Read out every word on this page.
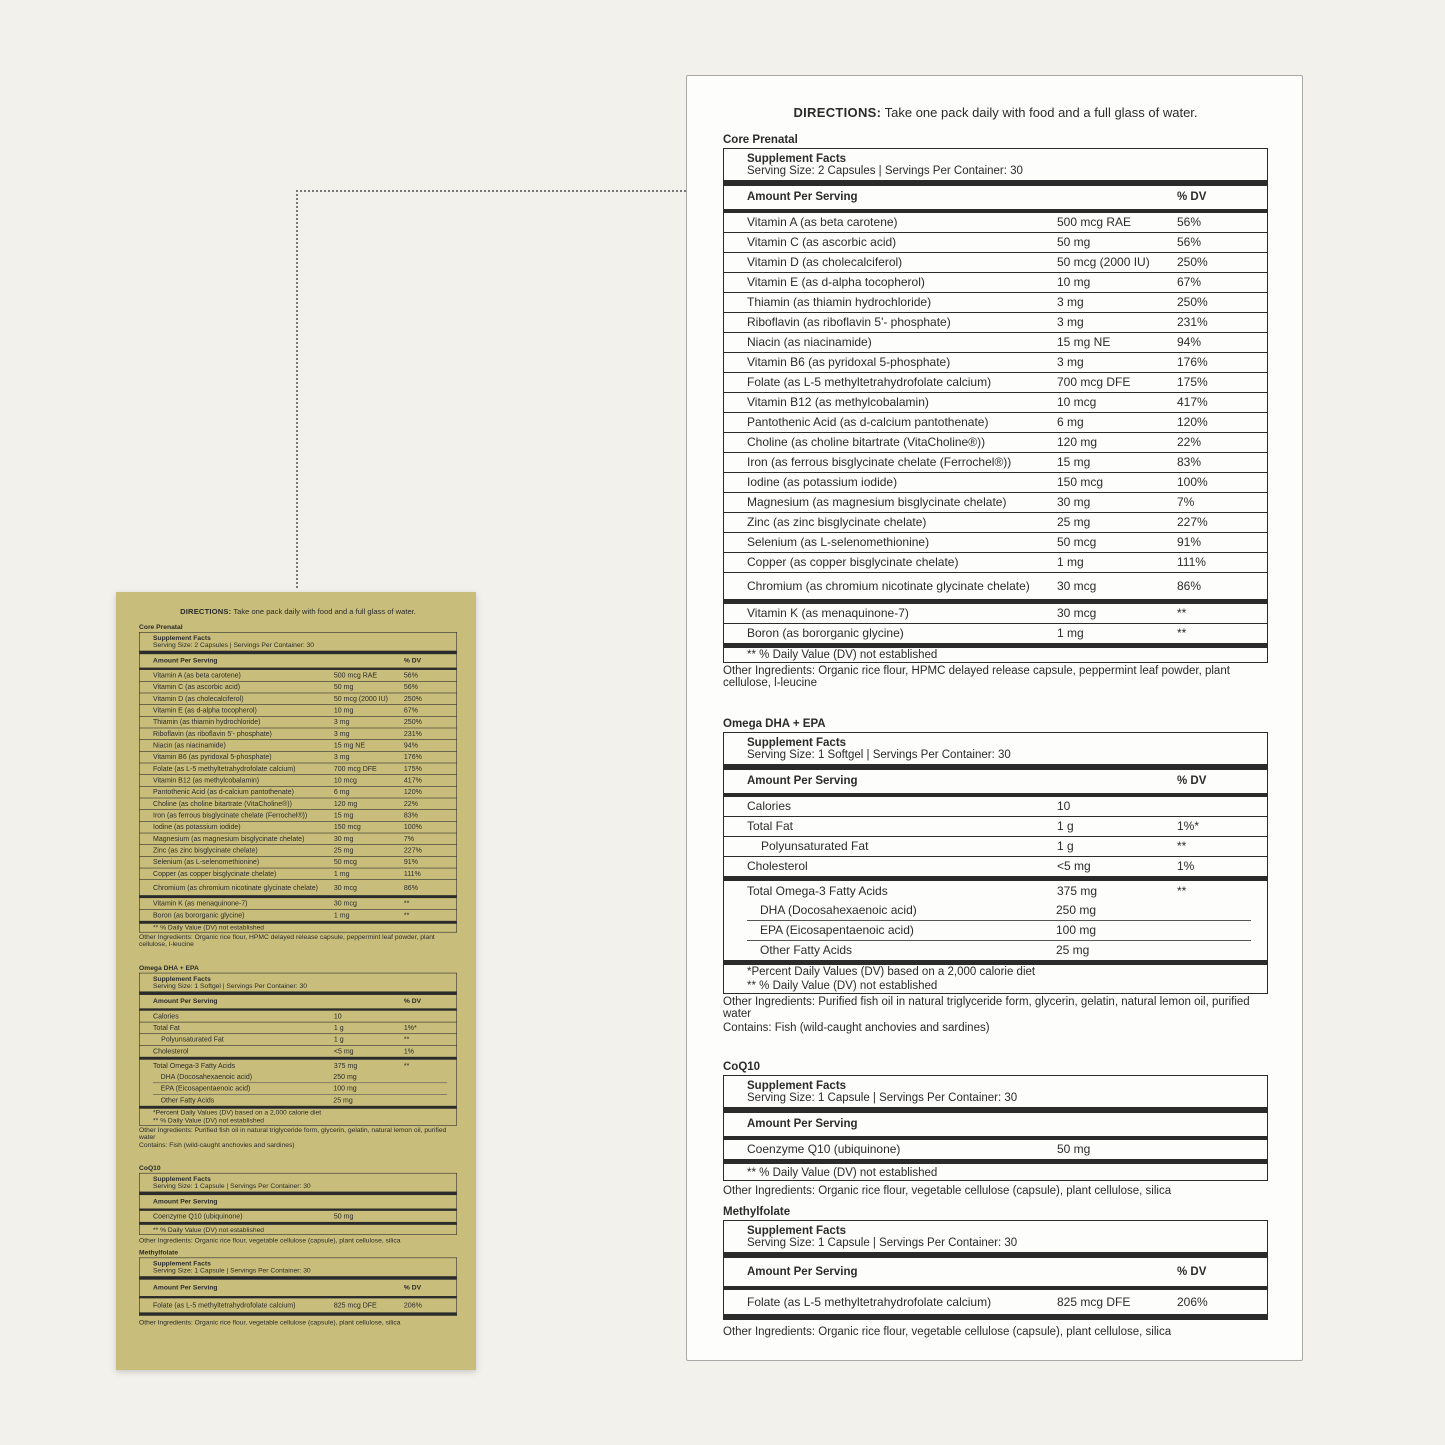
DIRECTIONS: Take one pack daily with food and a full glass of water.
Core Prenatal
Supplement Facts
Serving Size: 2 Capsules | Servings Per Container: 30
Amount Per Serving	% DV
Vitamin A (as beta carotene)	500 mcg RAE	56%
Vitamin C (as ascorbic acid)	50 mg	56%
Vitamin D (as cholecalciferol)	50 mcg (2000 IU)	250%
Vitamin E (as d-alpha tocopherol)	10 mg	67%
Thiamin (as thiamin hydrochloride)	3 mg	250%
Riboflavin (as riboflavin 5'- phosphate)	3 mg	231%
Niacin (as niacinamide)	15 mg NE	94%
Vitamin B6 (as pyridoxal 5-phosphate)	3 mg	176%
Folate (as L-5 methyltetrahydrofolate calcium)	700 mcg DFE	175%
Vitamin B12 (as methylcobalamin)	10 mcg	417%
Pantothenic Acid (as d-calcium pantothenate)	6 mg	120%
Choline (as choline bitartrate (VitaCholine®))	120 mg	22%
Iron (as ferrous bisglycinate chelate (Ferrochel®))	15 mg	83%
Iodine (as potassium iodide)	150 mcg	100%
Magnesium (as magnesium bisglycinate chelate)	30 mg	7%
Zinc (as zinc bisglycinate chelate)	25 mg	227%
Selenium (as L-selenomethionine)	50 mcg	91%
Copper (as copper bisglycinate chelate)	1 mg	111%
Chromium (as chromium nicotinate glycinate chelate)	30 mcg	86%
Vitamin K (as menaquinone-7)	30 mcg	**
Boron (as bororganic glycine)	1 mg	**
** % Daily Value (DV) not established
Other Ingredients: Organic rice flour, HPMC delayed release capsule, peppermint leaf powder, plant cellulose, l-leucine
Omega DHA + EPA
Supplement Facts
Serving Size: 1 Softgel | Servings Per Container: 30
Amount Per Serving	% DV
Calories	10
Total Fat	1 g	1%*
Polyunsaturated Fat	1 g	**
Cholesterol	<5 mg	1%
Total Omega-3 Fatty Acids	375 mg	**
DHA (Docosahexaenoic acid)	250 mg
EPA (Eicosapentaenoic acid)	100 mg
Other Fatty Acids	25 mg
*Percent Daily Values (DV) based on a 2,000 calorie diet
** % Daily Value (DV) not established
Other Ingredients: Purified fish oil in natural triglyceride form, glycerin, gelatin, natural lemon oil, purified water
Contains: Fish (wild-caught anchovies and sardines)
CoQ10
Supplement Facts
Serving Size: 1 Capsule | Servings Per Container: 30
Amount Per Serving
Coenzyme Q10 (ubiquinone)	50 mg
** % Daily Value (DV) not established
Other Ingredients: Organic rice flour, vegetable cellulose (capsule), plant cellulose, silica
Methylfolate
Supplement Facts
Serving Size: 1 Capsule | Servings Per Container: 30
Amount Per Serving	% DV
Folate (as L-5 methyltetrahydrofolate calcium)	825 mcg DFE	206%
Other Ingredients: Organic rice flour, vegetable cellulose (capsule), plant cellulose, silica
DIRECTIONS: Take one pack daily with food and a full glass of water.
Core Prenatal
Supplement Facts
Serving Size: 2 Capsules | Servings Per Container: 30
Amount Per Serving	% DV
Vitamin A (as beta carotene)	500 mcg RAE	56%
Vitamin C (as ascorbic acid)	50 mg	56%
Vitamin D (as cholecalciferol)	50 mcg (2000 IU)	250%
Vitamin E (as d-alpha tocopherol)	10 mg	67%
Thiamin (as thiamin hydrochloride)	3 mg	250%
Riboflavin (as riboflavin 5'- phosphate)	3 mg	231%
Niacin (as niacinamide)	15 mg NE	94%
Vitamin B6 (as pyridoxal 5-phosphate)	3 mg	176%
Folate (as L-5 methyltetrahydrofolate calcium)	700 mcg DFE	175%
Vitamin B12 (as methylcobalamin)	10 mcg	417%
Pantothenic Acid (as d-calcium pantothenate)	6 mg	120%
Choline (as choline bitartrate (VitaCholine®))	120 mg	22%
Iron (as ferrous bisglycinate chelate (Ferrochel®))	15 mg	83%
Iodine (as potassium iodide)	150 mcg	100%
Magnesium (as magnesium bisglycinate chelate)	30 mg	7%
Zinc (as zinc bisglycinate chelate)	25 mg	227%
Selenium (as L-selenomethionine)	50 mcg	91%
Copper (as copper bisglycinate chelate)	1 mg	111%
Chromium (as chromium nicotinate glycinate chelate)	30 mcg	86%
Vitamin K (as menaquinone-7)	30 mcg	**
Boron (as bororganic glycine)	1 mg	**
** % Daily Value (DV) not established
Other Ingredients: Organic rice flour, HPMC delayed release capsule, peppermint leaf powder, plant cellulose, l-leucine
Omega DHA + EPA
Supplement Facts
Serving Size: 1 Softgel | Servings Per Container: 30
Amount Per Serving	% DV
Calories	10
Total Fat	1 g	1%*
Polyunsaturated Fat	1 g	**
Cholesterol	<5 mg	1%
Total Omega-3 Fatty Acids	375 mg	**
DHA (Docosahexaenoic acid)	250 mg
EPA (Eicosapentaenoic acid)	100 mg
Other Fatty Acids	25 mg
*Percent Daily Values (DV) based on a 2,000 calorie diet
** % Daily Value (DV) not established
Other Ingredients: Purified fish oil in natural triglyceride form, glycerin, gelatin, natural lemon oil, purified water
Contains: Fish (wild-caught anchovies and sardines)
CoQ10
Supplement Facts
Serving Size: 1 Capsule | Servings Per Container: 30
Amount Per Serving
Coenzyme Q10 (ubiquinone)	50 mg
** % Daily Value (DV) not established
Other Ingredients: Organic rice flour, vegetable cellulose (capsule), plant cellulose, silica
Methylfolate
Supplement Facts
Serving Size: 1 Capsule | Servings Per Container: 30
Amount Per Serving	% DV
Folate (as L-5 methyltetrahydrofolate calcium)	825 mcg DFE	206%
Other Ingredients: Organic rice flour, vegetable cellulose (capsule), plant cellulose, silica
